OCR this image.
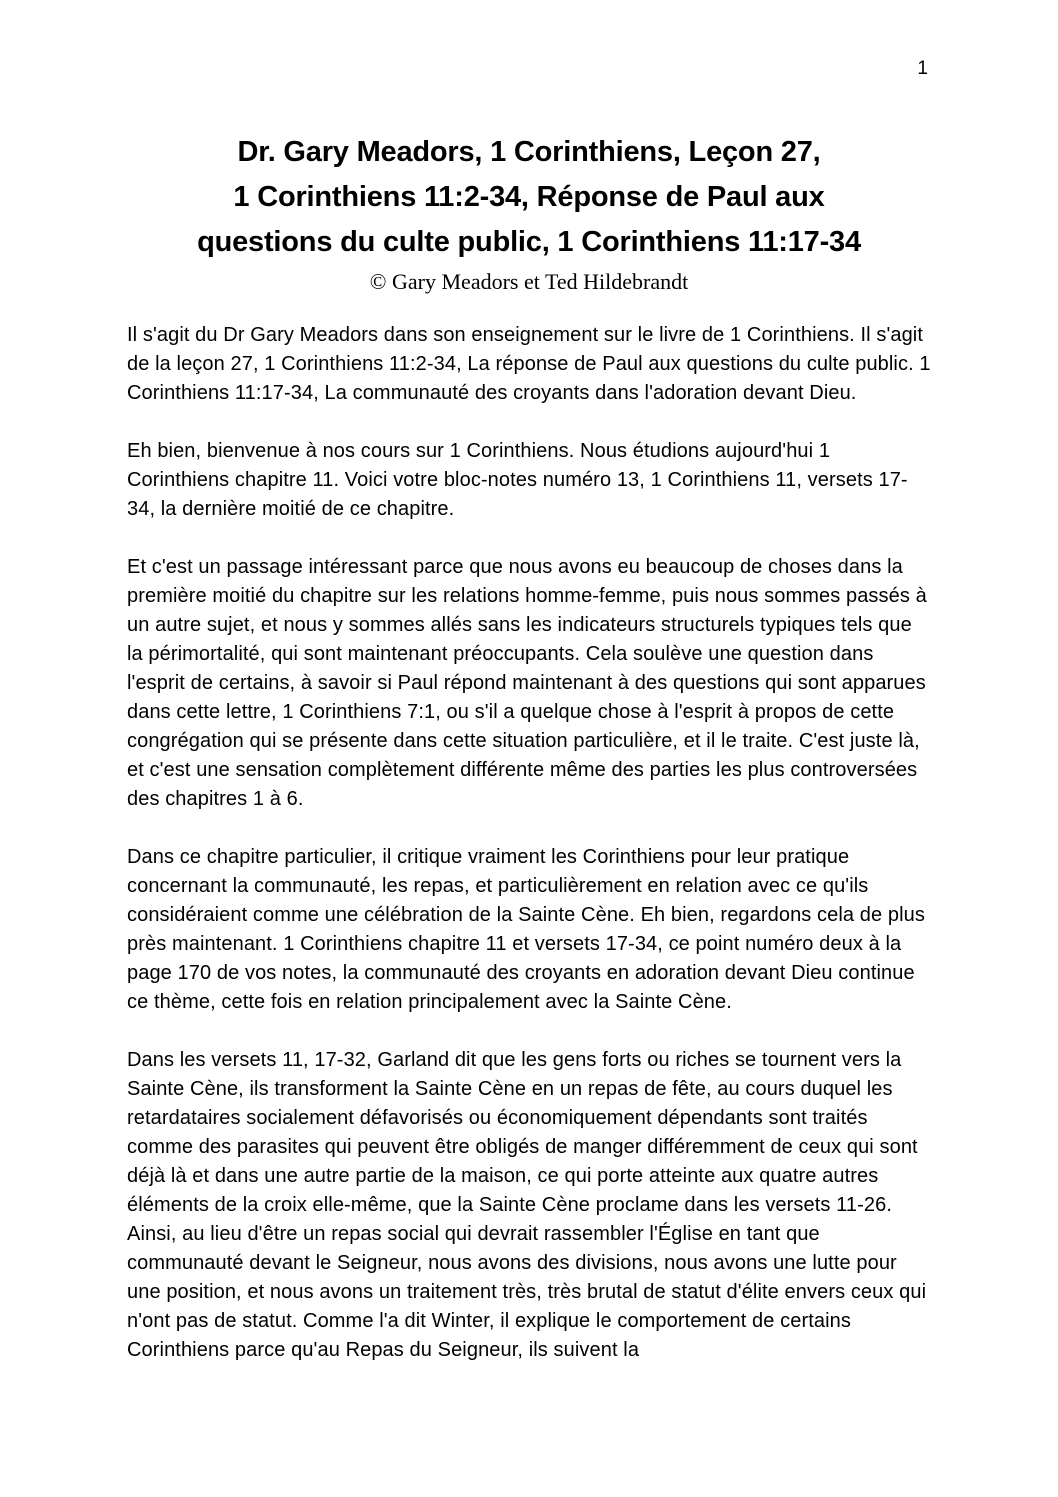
1
Dr. Gary Meadors, 1 Corinthiens, Leçon 27,
1 Corinthiens 11:2-34, Réponse de Paul aux
questions du culte public, 1 Corinthiens 11:17-34
© Gary Meadors et Ted Hildebrandt

Il s'agit du Dr Gary Meadors dans son enseignement sur le livre de 1 Corinthiens. Il s'agit de la leçon 27, 1 Corinthiens 11:2-34, La réponse de Paul aux questions du culte public. 1 Corinthiens 11:17-34, La communauté des croyants dans l'adoration devant Dieu.

Eh bien, bienvenue à nos cours sur 1 Corinthiens. Nous étudions aujourd'hui 1 Corinthiens chapitre 11. Voici votre bloc-notes numéro 13, 1 Corinthiens 11, versets 17-34, la dernière moitié de ce chapitre.

Et c'est un passage intéressant parce que nous avons eu beaucoup de choses dans la première moitié du chapitre sur les relations homme-femme, puis nous sommes passés à un autre sujet, et nous y sommes allés sans les indicateurs structurels typiques tels que la périmortalité, qui sont maintenant préoccupants. Cela soulève une question dans l'esprit de certains, à savoir si Paul répond maintenant à des questions qui sont apparues dans cette lettre, 1 Corinthiens 7:1, ou s'il a quelque chose à l'esprit à propos de cette congrégation qui se présente dans cette situation particulière, et il le traite. C'est juste là, et c'est une sensation complètement différente même des parties les plus controversées des chapitres 1 à 6.

Dans ce chapitre particulier, il critique vraiment les Corinthiens pour leur pratique concernant la communauté, les repas, et particulièrement en relation avec ce qu'ils considéraient comme une célébration de la Sainte Cène. Eh bien, regardons cela de plus près maintenant. 1 Corinthiens chapitre 11 et versets 17-34, ce point numéro deux à la page 170 de vos notes, la communauté des croyants en adoration devant Dieu continue ce thème, cette fois en relation principalement avec la Sainte Cène.

Dans les versets 11, 17-32, Garland dit que les gens forts ou riches se tournent vers la Sainte Cène, ils transforment la Sainte Cène en un repas de fête, au cours duquel les retardataires socialement défavorisés ou économiquement dépendants sont traités comme des parasites qui peuvent être obligés de manger différemment de ceux qui sont déjà là et dans une autre partie de la maison, ce qui porte atteinte aux quatre autres éléments de la croix elle-même, que la Sainte Cène proclame dans les versets 11-26. Ainsi, au lieu d'être un repas social qui devrait rassembler l'Église en tant que communauté devant le Seigneur, nous avons des divisions, nous avons une lutte pour une position, et nous avons un traitement très, très brutal de statut d'élite envers ceux qui n'ont pas de statut. Comme l'a dit Winter, il explique le comportement de certains Corinthiens parce qu'au Repas du Seigneur, ils suivent la
